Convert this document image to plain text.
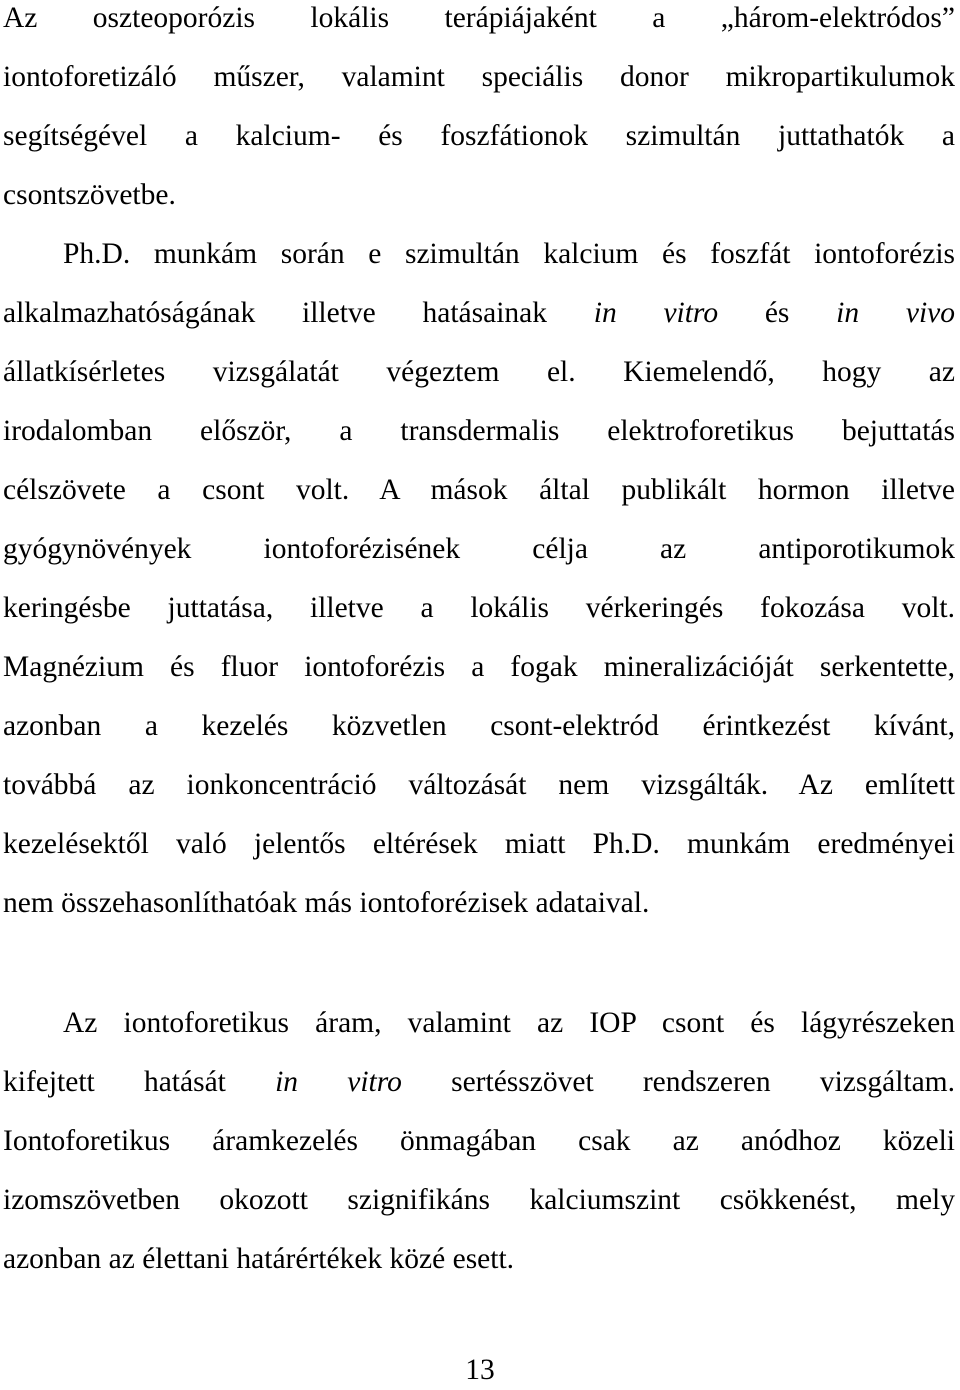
Az oszteoporózis lokális terápiájaként a „három-elektródos”
iontoforetizáló műszer, valamint speciális donor mikropartikulumok
segítségével a kalcium- és foszfátionok szimultán juttathatók a
csontszövetbe.
Ph.D. munkám során e szimultán kalcium és foszfát iontoforézis
alkalmazhatóságának illetve hatásainak in vitro és in vivo
állatkísérletes vizsgálatát végeztem el. Kiemelendő, hogy az
irodalomban először, a transdermalis elektroforetikus bejuttatás
célszövete a csont volt. A mások által publikált hormon illetve
gyógynövények iontoforézisének célja az antiporotikumok
keringésbe juttatása, illetve a lokális vérkeringés fokozása volt.
Magnézium és fluor iontoforézis a fogak mineralizációját serkentette,
azonban a kezelés közvetlen csont-elektród érintkezést kívánt,
továbbá az ionkoncentráció változását nem vizsgálták. Az említett
kezelésektől való jelentős eltérések miatt Ph.D. munkám eredményei
nem összehasonlíthatóak más iontoforézisek adataival.
Az iontoforetikus áram, valamint az IOP csont és lágyrészeken
kifejtett hatását in vitro sertésszövet rendszeren vizsgáltam.
Iontoforetikus áramkezelés önmagában csak az anódhoz közeli
izomszövetben okozott szignifikáns kalciumszint csökkenést, mely
azonban az élettani határértékek közé esett.
13
